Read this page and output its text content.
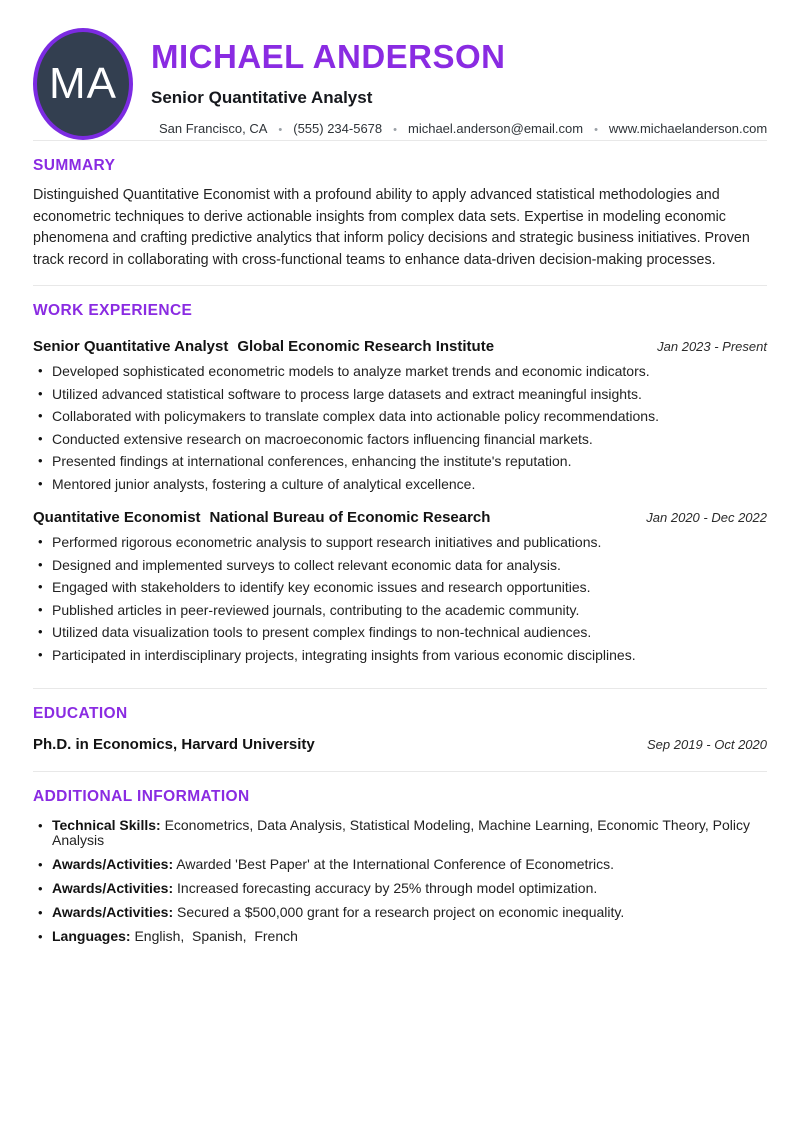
MA
MICHAEL ANDERSON
Senior Quantitative Analyst
San Francisco, CA • (555) 234-5678 • michael.anderson@email.com • www.michaelanderson.com
SUMMARY

Distinguished Quantitative Economist with a profound ability to apply advanced statistical methodologies and econometric techniques to derive actionable insights from complex data sets. Expertise in modeling economic phenomena and crafting predictive analytics that inform policy decisions and strategic business initiatives. Proven track record in collaborating with cross-functional teams to enhance data-driven decision-making processes.

WORK EXPERIENCE
Senior Quantitative Analyst Global Economic Research Institute	Jan 2023 - Present
• Developed sophisticated econometric models to analyze market trends and economic indicators.
• Utilized advanced statistical software to process large datasets and extract meaningful insights.
• Collaborated with policymakers to translate complex data into actionable policy recommendations.
• Conducted extensive research on macroeconomic factors influencing financial markets.
• Presented findings at international conferences, enhancing the institute's reputation.
• Mentored junior analysts, fostering a culture of analytical excellence.
Quantitative Economist National Bureau of Economic Research	Jan 2020 - Dec 2022
• Performed rigorous econometric analysis to support research initiatives and publications.
• Designed and implemented surveys to collect relevant economic data for analysis.
• Engaged with stakeholders to identify key economic issues and research opportunities.
• Published articles in peer-reviewed journals, contributing to the academic community.
• Utilized data visualization tools to present complex findings to non-technical audiences.
• Participated in interdisciplinary projects, integrating insights from various economic disciplines.
EDUCATION
Ph.D. in Economics, Harvard University	Sep 2019 - Oct 2020
ADDITIONAL INFORMATION
• Technical Skills: Econometrics, Data Analysis, Statistical Modeling, Machine Learning, Economic Theory, Policy Analysis
• Awards/Activities: Awarded 'Best Paper' at the International Conference of Econometrics.
• Awards/Activities: Increased forecasting accuracy by 25% through model optimization.
• Awards/Activities: Secured a $500,000 grant for a research project on economic inequality.
• Languages: English,  Spanish,  French
